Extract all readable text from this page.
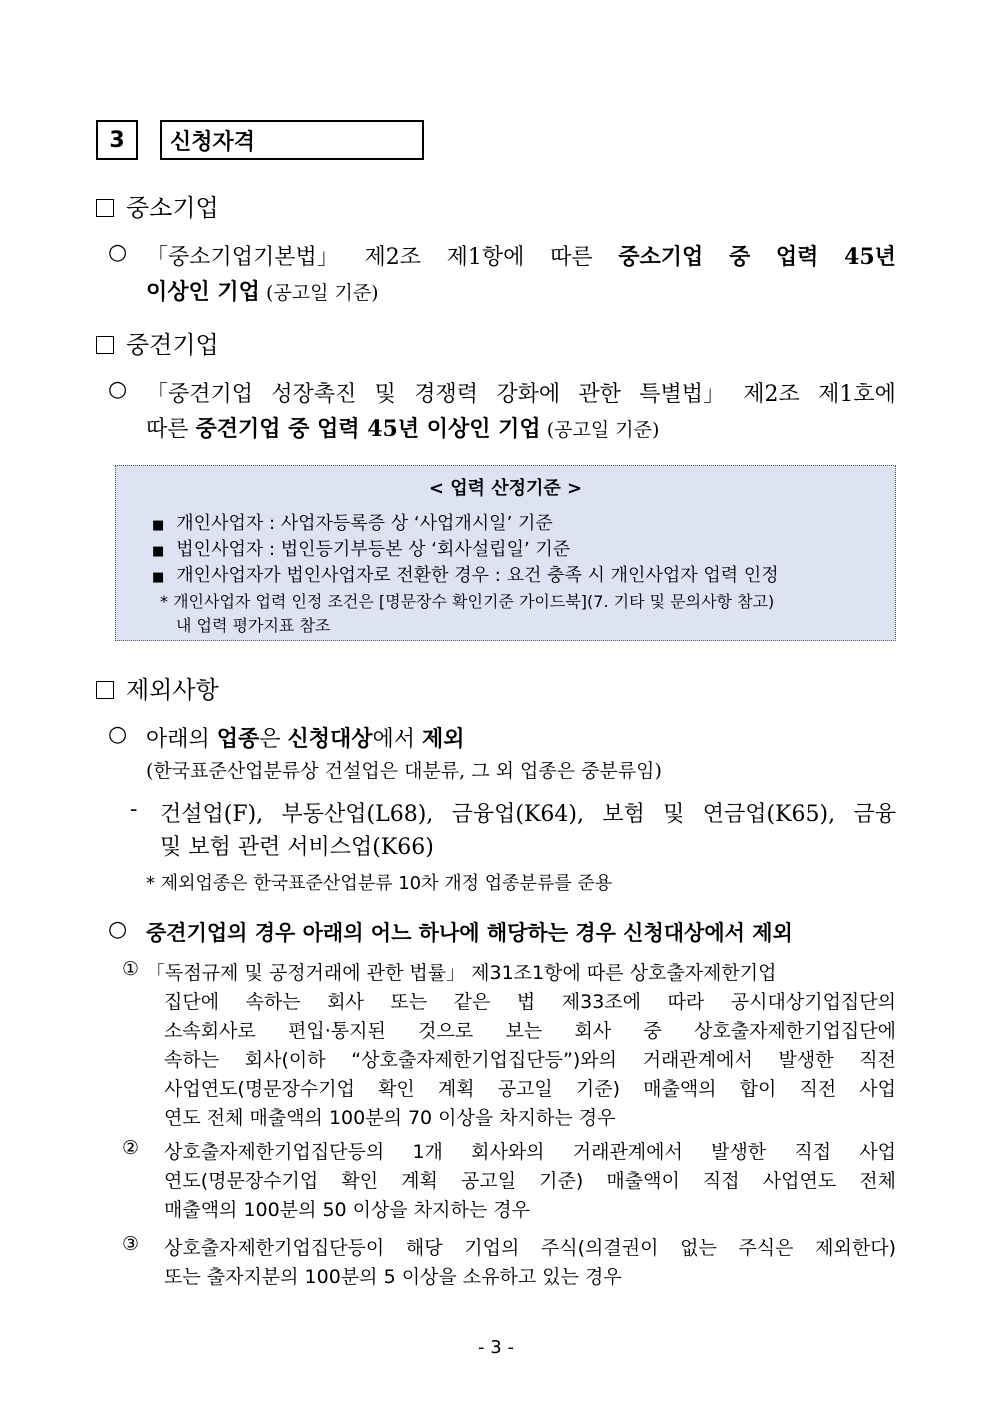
3	신청자격
중소기업
○ 「중소기업기본법」 제2조 제1항에 따른 중소기업 중 업력 45년
이상인 기업 (공고일 기준)
중견기업
○ 「중견기업 성장촉진 및 경쟁력 강화에 관한 특별법」 제2조 제1호에
따른 중견기업 중 업력 45년 이상인 기업 (공고일 기준)
< 업력 산정기준 >
■ 개인사업자 : 사업자등록증 상 ‘사업개시일’ 기준
■ 법인사업자 : 법인등기부등본 상 ‘회사설립일’ 기준
■ 개인사업자가 법인사업자로 전환한 경우 : 요건 충족 시 개인사업자 업력 인정
* 개인사업자 업력 인정 조건은 [명문장수 확인기준 가이드북](7. 기타 및 문의사항 참고)
내 업력 평가지표 참조
제외사항
○ 아래의 업종은 신청대상에서 제외
(한국표준산업분류상 건설업은 대분류, 그 외 업종은 중분류임)
- 건설업(F), 부동산업(L68), 금융업(K64), 보험 및 연금업(K65), 금융
및 보험 관련 서비스업(K66)
* 제외업종은 한국표준산업분류 10차 개정 업종분류를 준용
○ 중견기업의 경우 아래의 어느 하나에 해당하는 경우 신청대상에서 제외
① 「독점규제 및 공정거래에 관한 법률」 제31조1항에 따른 상호출자제한기업
집단에 속하는 회사 또는 같은 법 제33조에 따라 공시대상기업집단의
소속회사로 편입·통지된 것으로 보는 회사 중 상호출자제한기업집단에
속하는 회사(이하 “상호출자제한기업집단등”)와의 거래관계에서 발생한 직전
사업연도(명문장수기업 확인 계획 공고일 기준) 매출액의 합이 직전 사업
연도 전체 매출액의 100분의 70 이상을 차지하는 경우
② 상호출자제한기업집단등의 1개 회사와의 거래관계에서 발생한 직접 사업
연도(명문장수기업 확인 계획 공고일 기준) 매출액이 직접 사업연도 전체
매출액의 100분의 50 이상을 차지하는 경우
③ 상호출자제한기업집단등이 해당 기업의 주식(의결권이 없는 주식은 제외한다)
또는 출자지분의 100분의 5 이상을 소유하고 있는 경우
- 3 -
